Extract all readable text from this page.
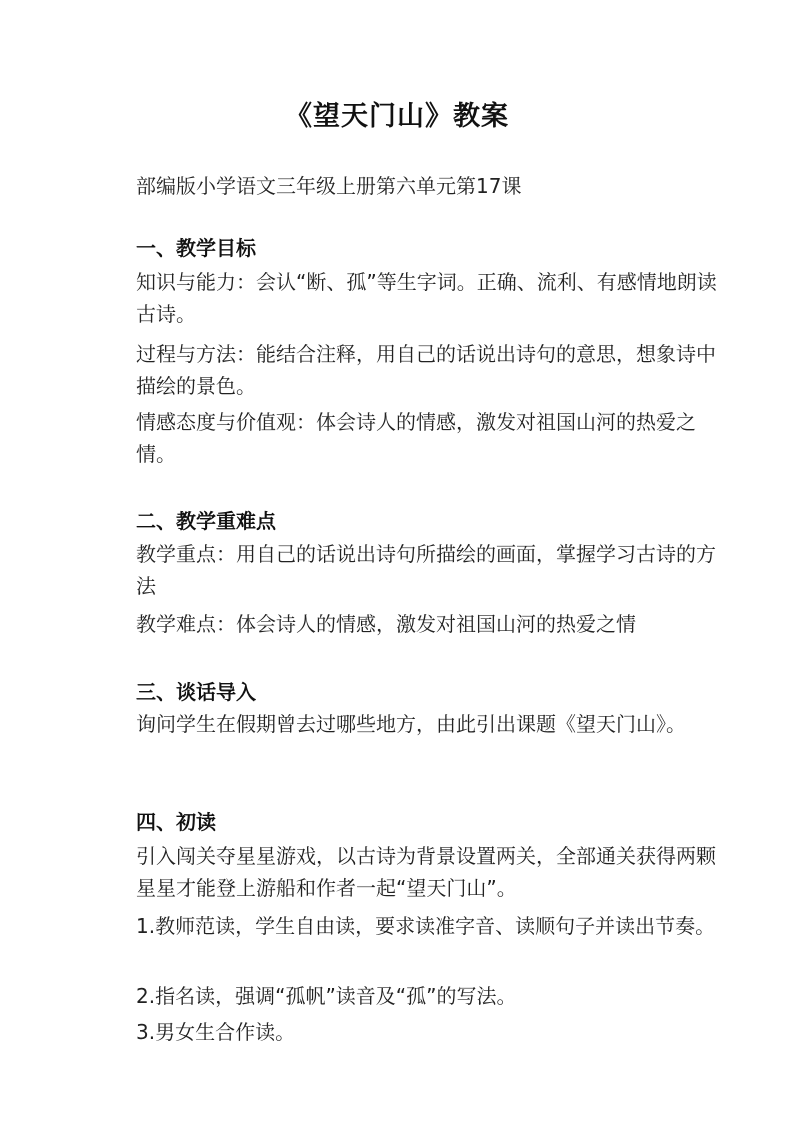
《望天门山》教案
部编版小学语文三年级上册第六单元第17课
一、教学目标
知识与能力：会认“断、孤”等生字词。正确、流利、有感情地朗读古诗。
过程与方法：能结合注释，用自己的话说出诗句的意思，想象诗中描绘的景色。
情感态度与价值观：体会诗人的情感，激发对祖国山河的热爱之情。
二、教学重难点
教学重点：用自己的话说出诗句所描绘的画面，掌握学习古诗的方法
教学难点：体会诗人的情感，激发对祖国山河的热爱之情
三、谈话导入
询问学生在假期曾去过哪些地方，由此引出课题《望天门山》。
四、初读
引入闯关夺星星游戏，以古诗为背景设置两关，全部通关获得两颗星星才能登上游船和作者一起“望天门山”。
1.教师范读，学生自由读，要求读准字音、读顺句子并读出节奏。
2.指名读，强调“孤帆”读音及“孤”的写法。
3.男女生合作读。
